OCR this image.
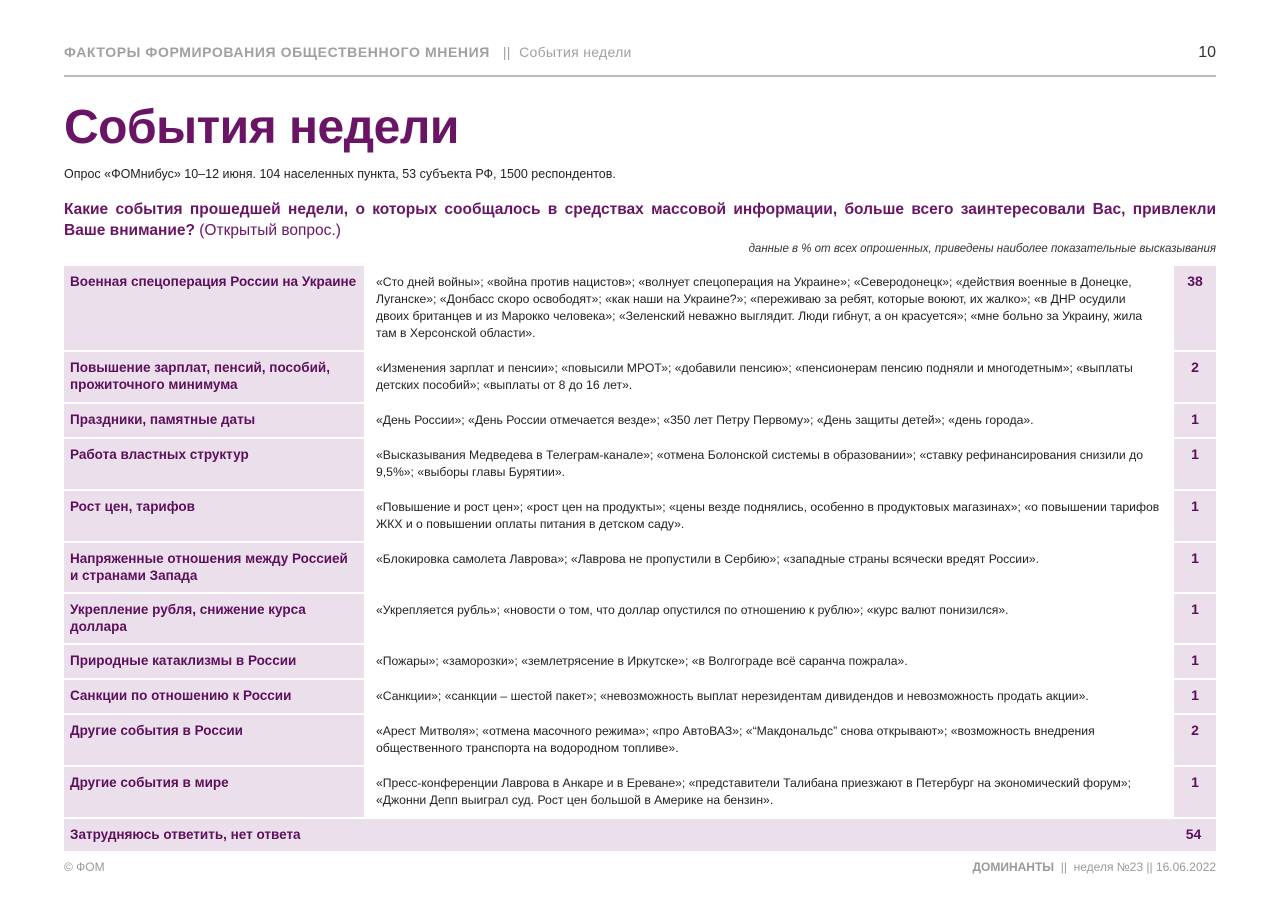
ФАКТОРЫ ФОРМИРОВАНИЯ ОБЩЕСТВЕННОГО МНЕНИЯ || События недели	10
События недели
Опрос «ФОМнибус» 10–12 июня. 104 населенных пункта, 53 субъекта РФ, 1500 респондентов.
Какие события прошедшей недели, о которых сообщалось в средствах массовой информации, больше всего заинтересовали Вас, привлекли Ваше внимание? (Открытый вопрос.)
данные в % от всех опрошенных, приведены наиболее показательные высказывания
Военная спецоперация России на Украине	«Сто дней войны»; «война против нацистов»; «волнует спецоперация на Украине»; «Северодонецк»; «действия военные в Донецке, Луганске»; «Донбасс скоро освободят»; «как наши на Украине?»; «переживаю за ребят, которые воюют, их жалко»; «в ДНР осудили двоих британцев и из Марокко человека»; «Зеленский неважно выглядит. Люди гибнут, а он красуется»; «мне больно за Украину, жила там в Херсонской области».	38
Повышение зарплат, пенсий, пособий, прожиточного минимума	«Изменения зарплат и пенсии»; «повысили МРОТ»; «добавили пенсию»; «пенсионерам пенсию подняли и многодетным»; «выплаты детских пособий»; «выплаты от 8 до 16 лет».	2
Праздники, памятные даты	«День России»; «День России отмечается везде»; «350 лет Петру Первому»; «День защиты детей»; «день города».	1
Работа властных структур	«Высказывания Медведева в Телеграм-канале»; «отмена Болонской системы в образовании»; «ставку рефинансирования снизили до 9,5%»; «выборы главы Бурятии».	1
Рост цен, тарифов	«Повышение и рост цен»; «рост цен на продукты»; «цены везде поднялись, особенно в продуктовых магазинах»; «о повышении тарифов ЖКХ и о повышении оплаты питания в детском саду».	1
Напряженные отношения между Россией и странами Запада	«Блокировка самолета Лаврова»; «Лаврова не пропустили в Сербию»; «западные страны всячески вредят России».	1
Укрепление рубля, снижение курса доллара	«Укрепляется рубль»; «новости о том, что доллар опустился по отношению к рублю»; «курс валют понизился».	1
Природные катаклизмы в России	«Пожары»; «заморозки»; «землетрясение в Иркутске»; «в Волгограде всё саранча пожрала».	1
Санкции по отношению к России	«Санкции»; «санкции – шестой пакет»; «невозможность выплат нерезидентам дивидендов и невозможность продать акции».	1
Другие события в России	«Арест Митволя»; «отмена масочного режима»; «про АвтоВАЗ»; «“Макдональдс” снова открывают»; «возможность внедрения общественного транспорта на водородном топливе».	2
Другие события в мире	«Пресс-конференции Лаврова в Анкаре и в Ереване»; «представители Талибана приезжают в Петербург на экономический форум»; «Джонни Депп выиграл суд. Рост цен большой в Америке на бензин».	1
Затрудняюсь ответить, нет ответа		54
© ФОМ	ДОМИНАНТЫ || неделя №23 || 16.06.2022
